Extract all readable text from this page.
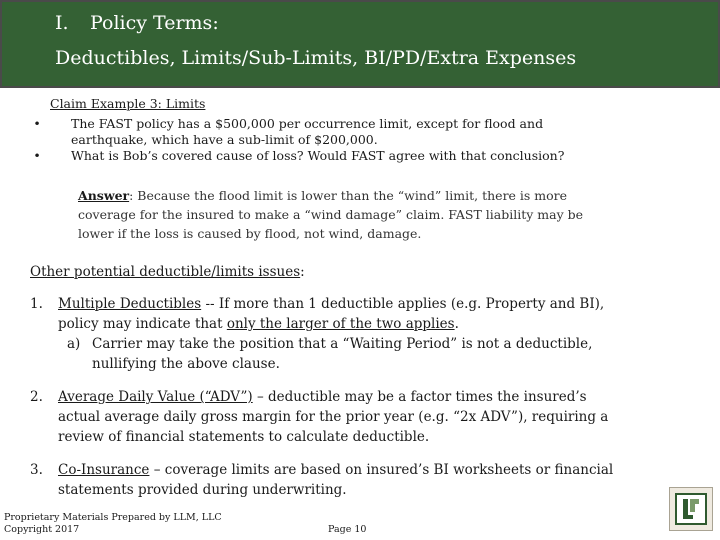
I. Policy Terms:
Deductibles, Limits/Sub-Limits, BI/PD/Extra Expenses
Claim Example 3: Limits
• The FAST policy has a $500,000 per occurrence limit, except for flood and
earthquake, which have a sub-limit of $200,000.
• What is Bob’s covered cause of loss? Would FAST agree with that conclusion?
Answer: Because the flood limit is lower than the “wind” limit, there is more
coverage for the insured to make a “wind damage” claim. FAST liability may be
lower if the loss is caused by flood, not wind, damage.
Other potential deductible/limits issues:
1. Multiple Deductibles -- If more than 1 deductible applies (e.g. Property and BI),
policy may indicate that only the larger of the two applies.
a) Carrier may take the position that a “Waiting Period” is not a deductible,
nullifying the above clause.
2. Average Daily Value (“ADV”) – deductible may be a factor times the insured’s
actual average daily gross margin for the prior year (e.g. “2x ADV”), requiring a
review of financial statements to calculate deductible.
3. Co-Insurance – coverage limits are based on insured’s BI worksheets or financial
statements provided during underwriting.
Proprietary Materials Prepared by LLM, LLC
Copyright 2017	Page 10
